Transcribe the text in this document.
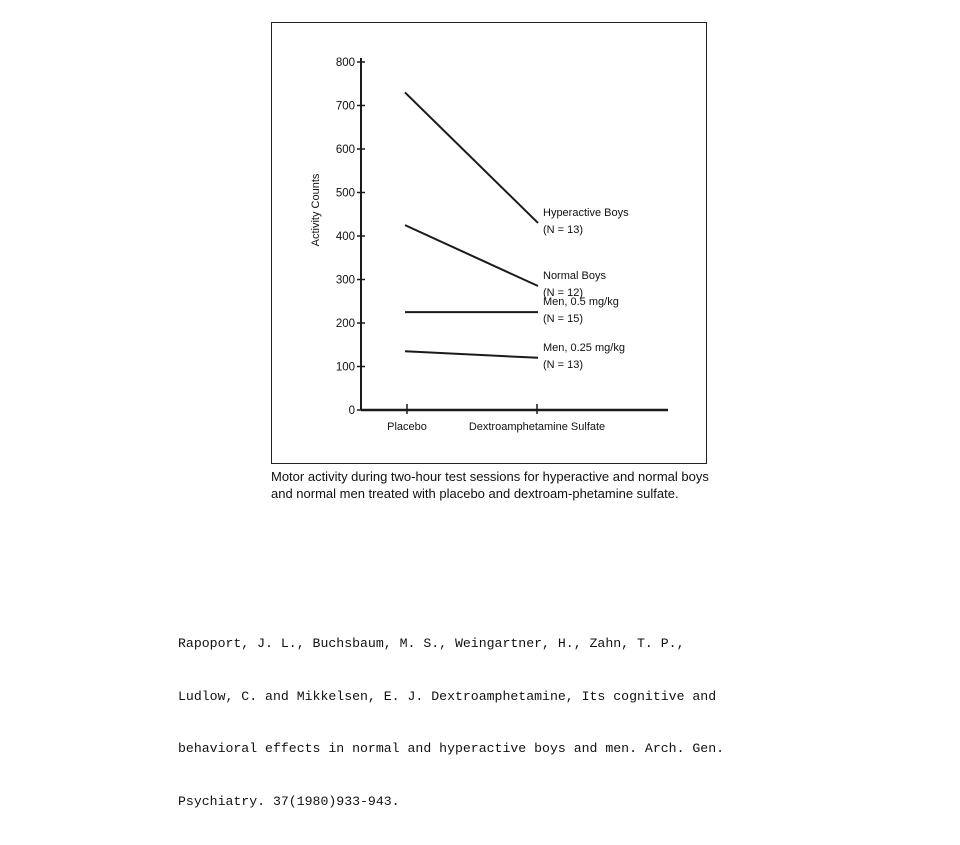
0
100
200
300
400
500
600
700
800
Activity Counts
Placebo	Dextroamphetamine Sulfate
Hyperactive Boys
(N = 13)
Normal Boys
(N = 12)
Men, 0.5 mg/kg
(N = 15)
Men, 0.25 mg/kg
(N = 13)

Motor activity during two-hour test sessions for hyperactive and normal boys and normal men treated with placebo and dextroam-phetamine sulfate.

Rapoport, J. L., Buchsbaum, M. S., Weingartner, H., Zahn, T. P.,

Ludlow, C. and Mikkelsen, E. J. Dextroamphetamine, Its cognitive and

behavioral effects in normal and hyperactive boys and men. Arch. Gen.

Psychiatry. 37(1980)933-943.
